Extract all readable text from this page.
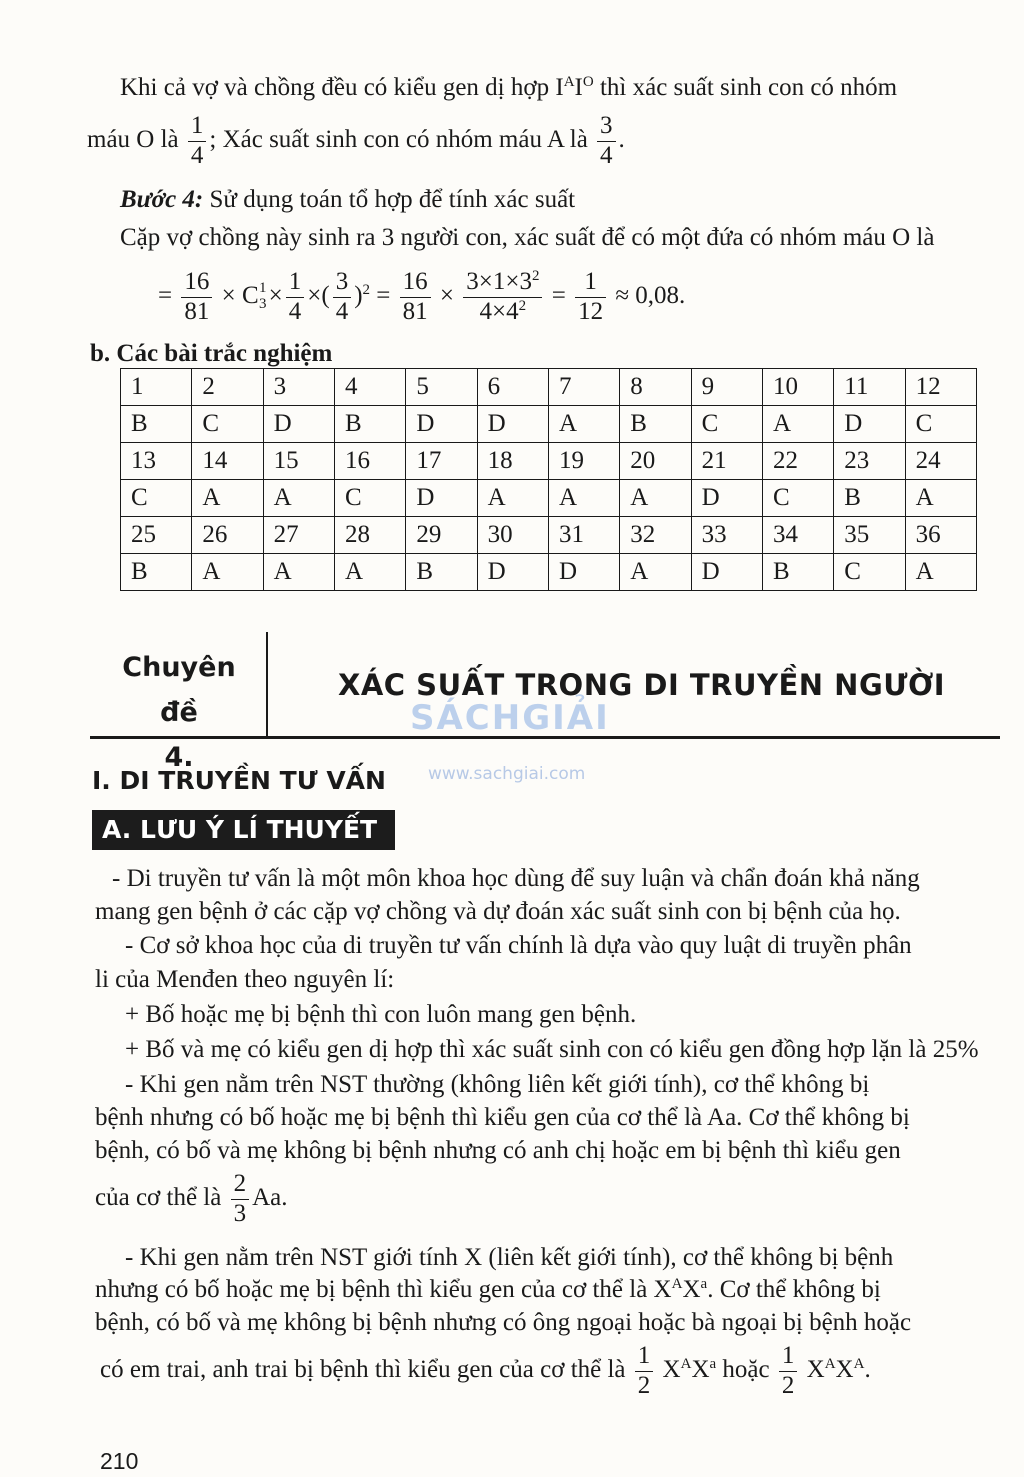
Khi cả vợ và chồng đều có kiểu gen dị hợp $I^AI^O$ thì xác suất sinh con có nhóm
máu O là $\frac{1}{4}$ ; Xác suất sinh con có nhóm máu A là $\frac{3}{4}$ .
Bước 4: Sử dụng toán tổ hợp để tính xác suất
Cặp vợ chồng này sinh ra 3 người con, xác suất để có một đứa có nhóm máu O là
= $\frac{16}{81} \times C$ 1
$3 \times \frac{1}{4}$ ×( $\frac{3}{4} )^2 = \frac{16}{81} \times \frac{3\times 1\times 3^2}{4\times 4^2} = \frac{1}{12} \approx 0,08$.
b. Các bài trắc nghiệm
1	2	3	4	5	6	7	8	9	10	11	12
B	C	D	B	D	D	A	B	C	A	D	C
13	14	15	16	17	18	19	20	21	22	23	24
C	A	A	C	D	A	A	A	D	C	B	A
25	26	27	28	29	30	31	32	33	34	35	36
B	A	A	A	B	D	D	A	D	B	C	A
Chuyên đề
4.
XÁC SUẤT TRONG DI TRUYỀN NGƯỜI
SÁCHGIẢI
www.sachgiai.com
I. DI TRUYỀN TƯ VẤN
A. LƯU Ý LÍ THUYẾT
- Di truyền tư vấn là một môn khoa học dùng để suy luận và chẩn đoán khả năng
mang gen bệnh ở các cặp vợ chồng và dự đoán xác suất sinh con bị bệnh của họ.
- Cơ sở khoa học của di truyền tư vấn chính là dựa vào quy luật di truyền phân
li của Menđen theo nguyên lí:
+ Bố hoặc mẹ bị bệnh thì con luôn mang gen bệnh.
+ Bố và mẹ có kiểu gen dị hợp thì xác suất sinh con có kiểu gen đồng hợp lặn là 25%
- Khi gen nằm trên NST thường (không liên kết giới tính), cơ thể không bị
bệnh nhưng có bố hoặc mẹ bị bệnh thì kiểu gen của cơ thể là Aa. Cơ thể không bị
bệnh, có bố và mẹ không bị bệnh nhưng có anh chị hoặc em bị bệnh thì kiểu gen
của cơ thể là $\frac{2}{3} Aa$.
- Khi gen nằm trên NST giới tính X (liên kết giới tính), cơ thể không bị bệnh
nhưng có bố hoặc mẹ bị bệnh thì kiểu gen của cơ thể là $X^AX^a$. Cơ thể không bị
bệnh, có bố và mẹ không bị bệnh nhưng có ông ngoại hoặc bà ngoại bị bệnh hoặc
có em trai, anh trai bị bệnh thì kiểu gen của cơ thể là $\frac{1}{2} X^AX^a$ hoặc $\frac{1}{2} X^AX^A$.
210
